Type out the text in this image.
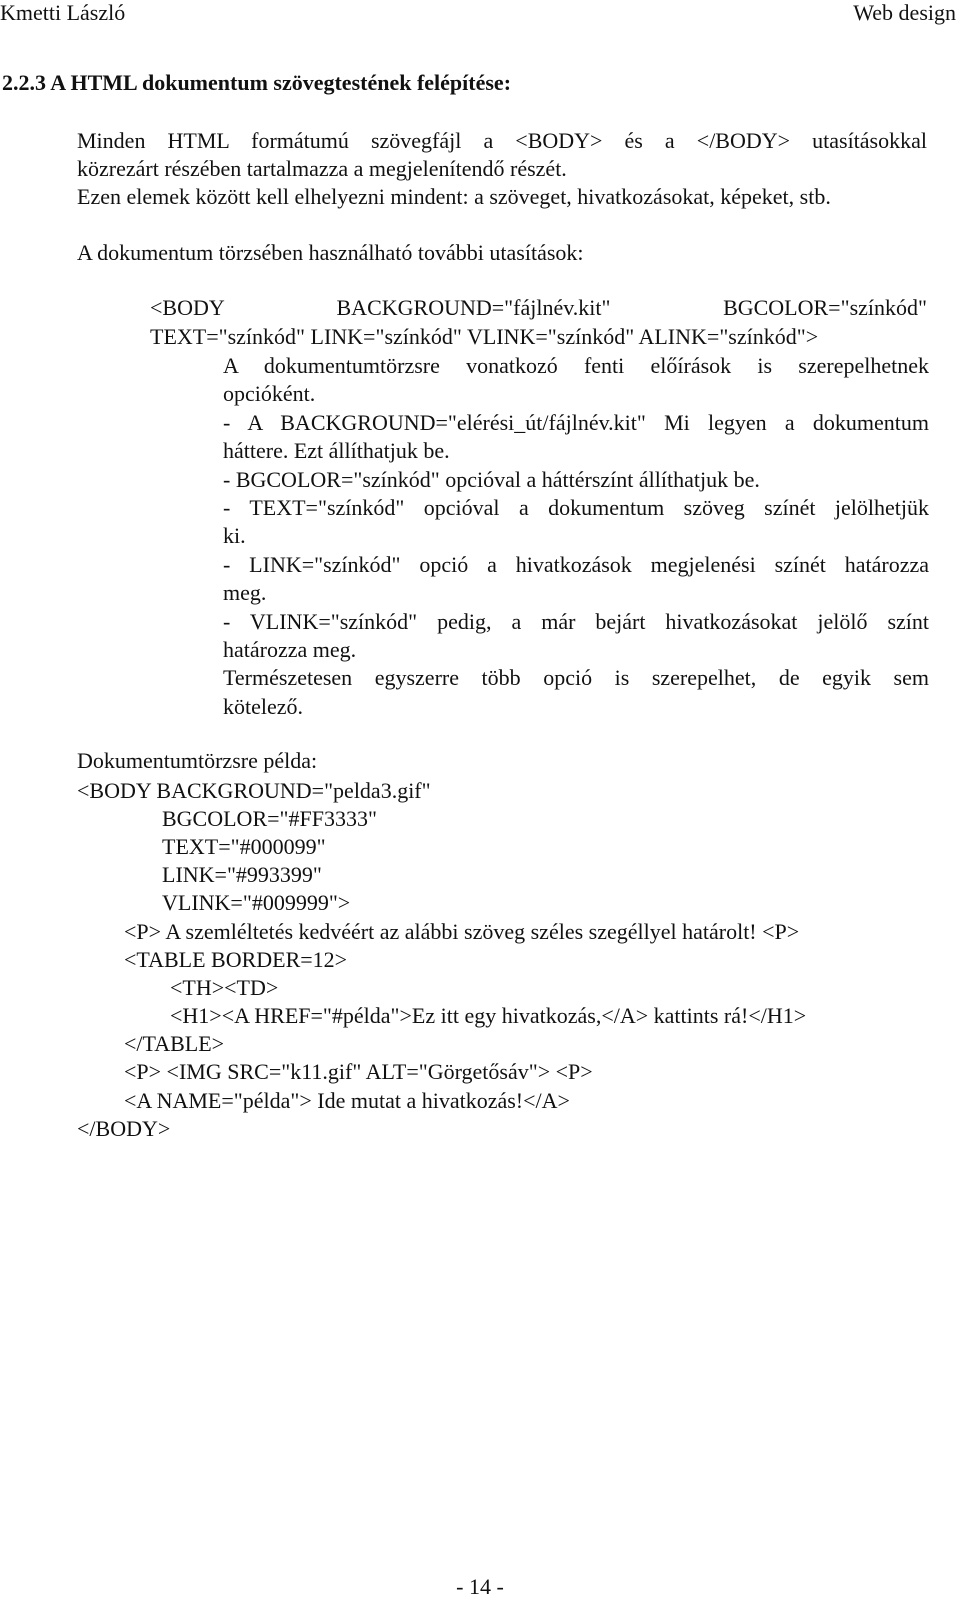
Kmetti László	Web design
2.2.3 A HTML dokumentum szövegtestének felépítése:
Minden HTML formátumú szövegfájl a <BODY> és a </BODY> utasításokkal
közrezárt részében tartalmazza a megjelenítendő részét.
Ezen elemek között kell elhelyezni mindent: a szöveget, hivatkozásokat, képeket, stb.
A dokumentum törzsében használható további utasítások:
<BODY BACKGROUND="fájlnév.kit" BGCOLOR="színkód"
TEXT="színkód" LINK="színkód" VLINK="színkód" ALINK="színkód">
A dokumentumtörzsre vonatkozó fenti előírások is szerepelhetnek
opcióként.
- A BACKGROUND="elérési_út/fájlnév.kit" Mi legyen a dokumentum
háttere. Ezt állíthatjuk be.
- BGCOLOR="színkód" opcióval a háttérszínt állíthatjuk be.
- TEXT="színkód" opcióval a dokumentum szöveg színét jelölhetjük
ki.
- LINK="színkód" opció a hivatkozások megjelenési színét határozza
meg.
- VLINK="színkód" pedig, a már bejárt hivatkozásokat jelölő színt
határozza meg.
Természetesen egyszerre több opció is szerepelhet, de egyik sem
kötelező.
Dokumentumtörzsre példa:
<BODY BACKGROUND="pelda3.gif"
BGCOLOR="#FF3333"
TEXT="#000099"
LINK="#993399"
VLINK="#009999">
<P> A szemléltetés kedvéért az alábbi szöveg széles szegéllyel határolt! <P>
<TABLE BORDER=12>
<TH><TD>
<H1><A HREF="#példa">Ez itt egy hivatkozás,</A> kattints rá!</H1>
</TABLE>
<P> <IMG SRC="k11.gif" ALT="Görgetősáv"> <P>
<A NAME="példa"> Ide mutat a hivatkozás!</A>
</BODY>
- 14 -
